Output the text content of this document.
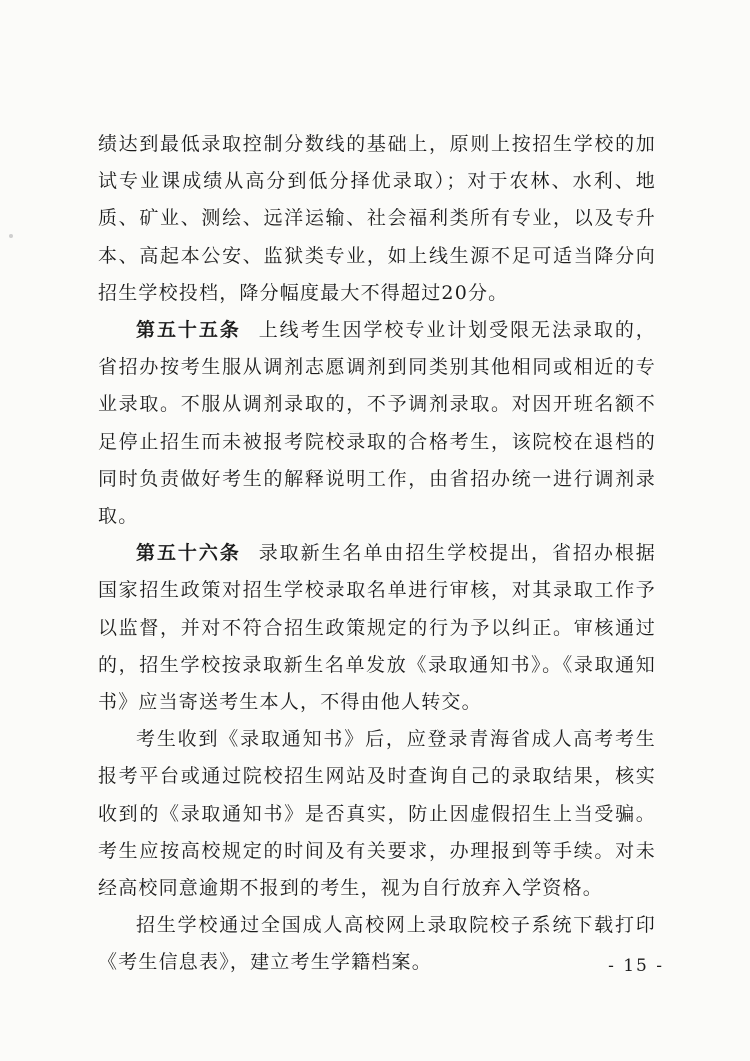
绩达到最低录取控制分数线的基础上，原则上按招生学校的加试专业课成绩从高分到低分择优录取）；对于农林、水利、地质、矿业、测绘、远洋运输、社会福利类所有专业，以及专升本、高起本公安、监狱类专业，如上线生源不足可适当降分向招生学校投档，降分幅度最大不得超过20分。

第五十五条 上线考生因学校专业计划受限无法录取的，省招办按考生服从调剂志愿调剂到同类别其他相同或相近的专业录取。不服从调剂录取的，不予调剂录取。对因开班名额不足停止招生而未被报考院校录取的合格考生，该院校在退档的同时负责做好考生的解释说明工作，由省招办统一进行调剂录取。

第五十六条 录取新生名单由招生学校提出，省招办根据国家招生政策对招生学校录取名单进行审核，对其录取工作予以监督，并对不符合招生政策规定的行为予以纠正。审核通过的，招生学校按录取新生名单发放《录取通知书》。《录取通知书》应当寄送考生本人，不得由他人转交。

考生收到《录取通知书》后，应登录青海省成人高考考生报考平台或通过院校招生网站及时查询自己的录取结果，核实收到的《录取通知书》是否真实，防止因虚假招生上当受骗。考生应按高校规定的时间及有关要求，办理报到等手续。对未经高校同意逾期不报到的考生，视为自行放弃入学资格。

招生学校通过全国成人高校网上录取院校子系统下载打印《考生信息表》，建立考生学籍档案。	- 15 -
